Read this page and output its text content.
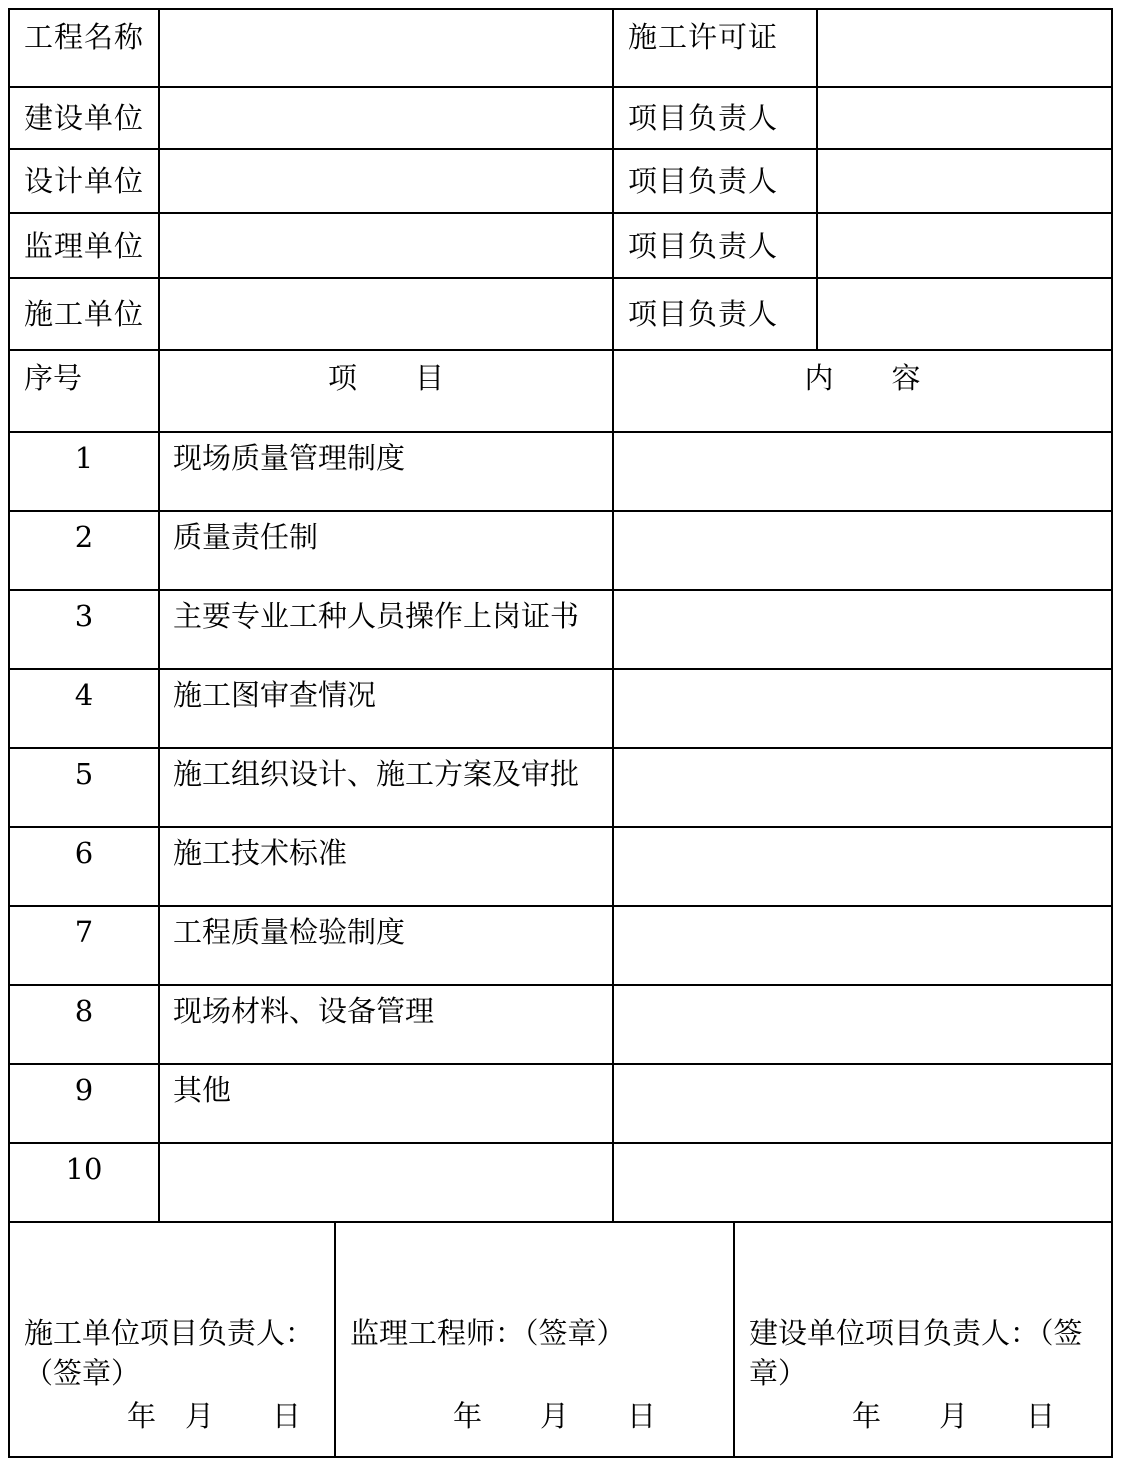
工程名称	施工许可证
建设单位	项目负责人
设计单位	项目负责人
监理单位	项目负责人
施工单位	项目负责人
序号	项　　目	内　　容
1	现场质量管理制度
2	质量责任制
3	主要专业工种人员操作上岗证书
4	施工图审查情况
5	施工组织设计、施工方案及审批
6	施工技术标准
7	工程质量检验制度
8	现场材料、设备管理
9	其他
10
施工单位项目负责人：
（签章）
年　月　　日
监理工程师：（签章）
年　　月　　日
建设单位项目负责人：（签
章）
年　　月　　日
